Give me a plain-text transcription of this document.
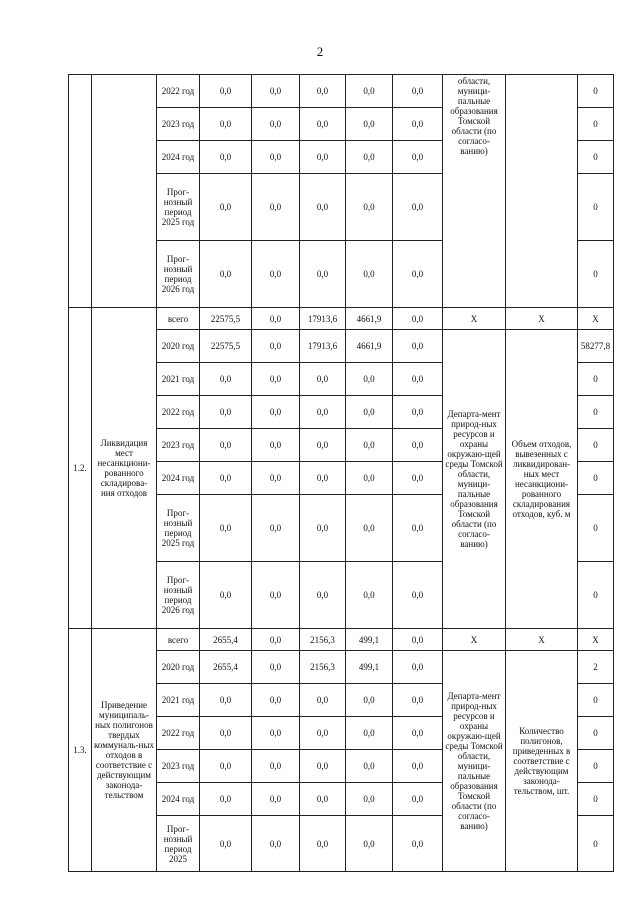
2
		2022 год	0,0	0,0	0,0	0,0	0,0	области, муници-пальные образования Томской области (по согласо-ванию)		0
		2023 год	0,0	0,0	0,0	0,0	0,0			0
		2024 год	0,0	0,0	0,0	0,0	0,0			0
		Прог-нозный период 2025 год	0,0	0,0	0,0	0,0	0,0			0
		Прог-нозный период 2026 год	0,0	0,0	0,0	0,0	0,0			0
1.2.	Ликвидация мест несанкциони-рованного складирова-ния отходов	всего	22575,5	0,0	17913,6	4661,9	0,0	Х	Х	Х
		2020 год	22575,5	0,0	17913,6	4661,9	0,0	Департа-мент природ-ных ресурсов и охраны окружаю-щей среды Томской области, муници-пальные образования Томской области (по согласо-ванию)	Объем отходов, вывезенных с ликвидирован-ных мест несанкциони-рованного складирования отходов, куб. м	58277,8
		2021 год	0,0	0,0	0,0	0,0	0,0			0
		2022 год	0,0	0,0	0,0	0,0	0,0			0
		2023 год	0,0	0,0	0,0	0,0	0,0			0
		2024 год	0,0	0,0	0,0	0,0	0,0			0
		Прог-нозный период 2025 год	0,0	0,0	0,0	0,0	0,0			0
		Прог-нозный период 2026 год	0,0	0,0	0,0	0,0	0,0			0
1.3.	Приведение муниципаль-ных полигонов твердых коммуналь-ных отходов в соответствие с действующим законода-тельством	всего	2655,4	0,0	2156,3	499,1	0,0	Х	Х	Х
		2020 год	2655,4	0,0	2156,3	499,1	0,0	Департа-мент природ-ных ресурсов и охраны окружаю-щей среды Томской области, муници-пальные образования Томской области (по согласо-ванию)	Количество полигонов, приведенных в соответствие с действующим законода-тельством, шт.	2
		2021 год	0,0	0,0	0,0	0,0	0,0			0
		2022 год	0,0	0,0	0,0	0,0	0,0			0
		2023 год	0,0	0,0	0,0	0,0	0,0			0
		2024 год	0,0	0,0	0,0	0,0	0,0			0
		Прог-нозный период 2025	0,0	0,0	0,0	0,0	0,0			0
